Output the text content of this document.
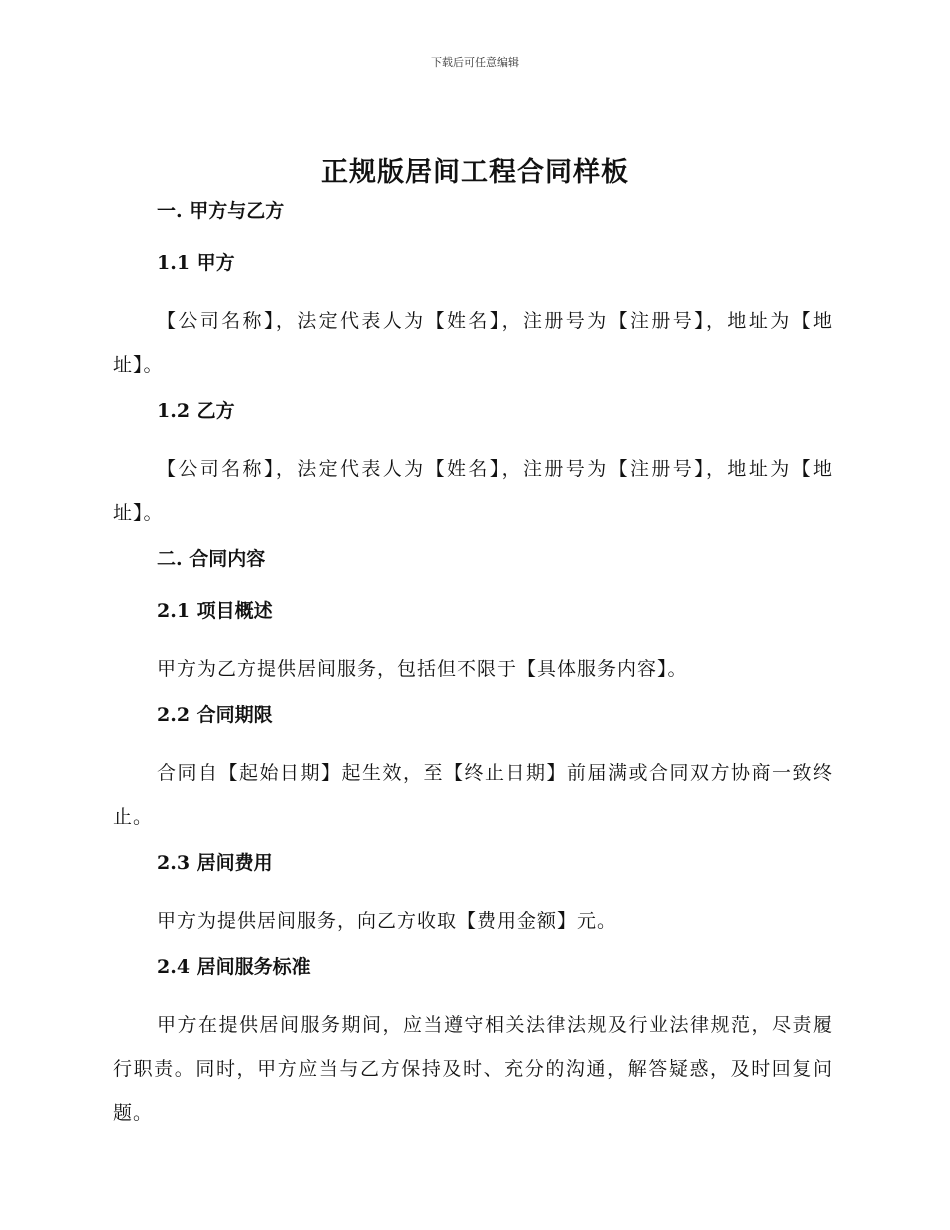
下载后可任意编辑
正规版居间工程合同样板
一. 甲方与乙方
1.1 甲方
【公司名称】，法定代表人为【姓名】，注册号为【注册号】，地址为【地址】。
1.2 乙方
【公司名称】，法定代表人为【姓名】，注册号为【注册号】，地址为【地址】。
二. 合同内容
2.1 项目概述
甲方为乙方提供居间服务，包括但不限于【具体服务内容】。
2.2 合同期限
合同自【起始日期】起生效，至【终止日期】前届满或合同双方协商一致终止。
2.3 居间费用
甲方为提供居间服务，向乙方收取【费用金额】元。
2.4 居间服务标准
甲方在提供居间服务期间，应当遵守相关法律法规及行业法律规范，尽责履行职责。同时，甲方应当与乙方保持及时、充分的沟通，解答疑惑，及时回复问题。
